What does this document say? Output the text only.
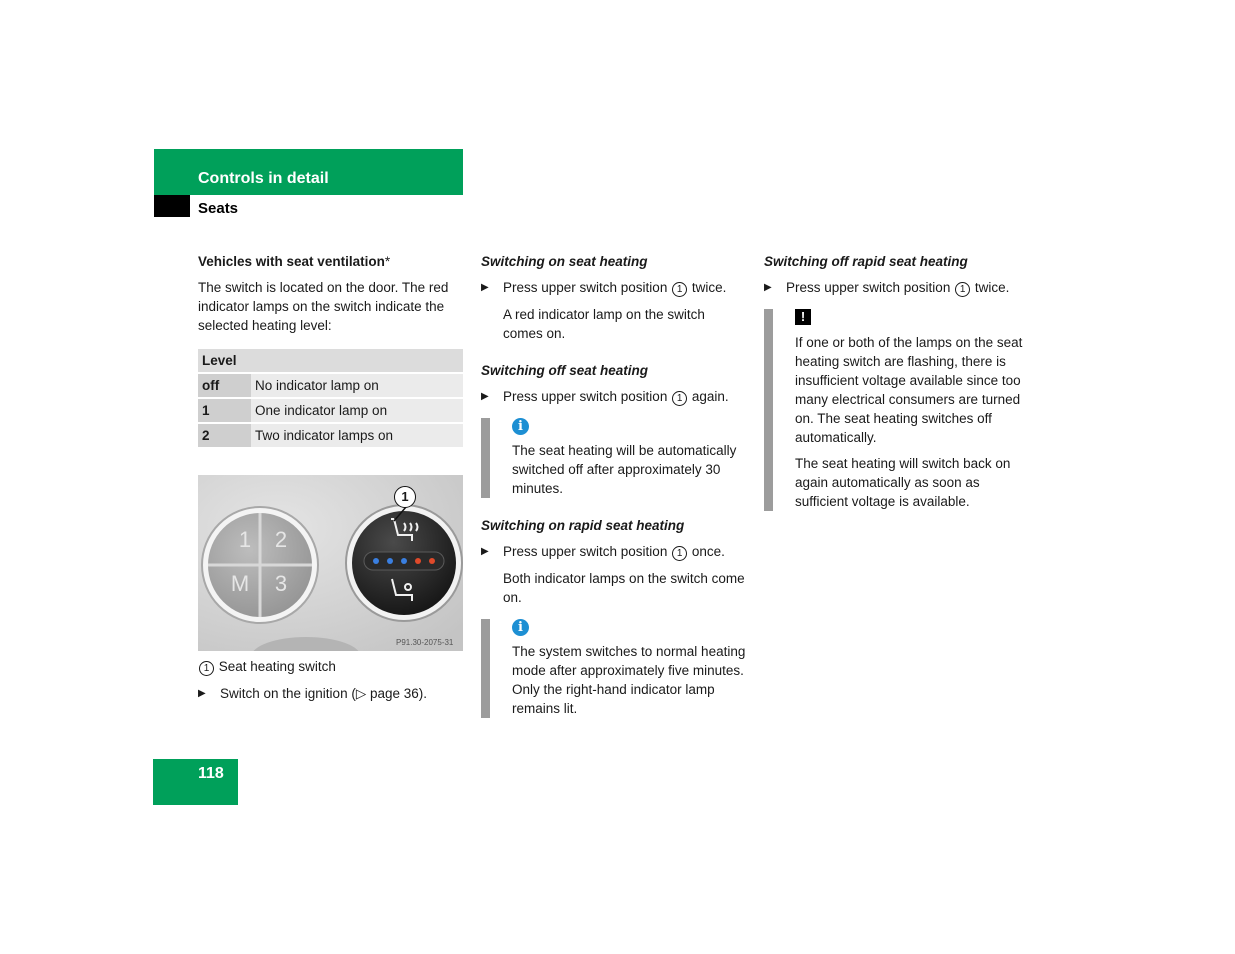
Controls in detail
Seats

Vehicles with seat ventilation*

The switch is located on the door. The red indicator lamps on the switch indicate the selected heating level:

Level	
off	No indicator lamp on
1	One indicator lamp on
2	Two indicator lamps on
1
1	2
M	3
P91.30-2075-31

1 Seat heating switch

▶ Switch on the ignition (▷ page 36).

Switching on seat heating

▶ Press upper switch position 1 twice.

A red indicator lamp on the switch comes on.

Switching off seat heating

▶ Press upper switch position 1 again.

i

The seat heating will be automatically switched off after approximately 30 minutes.

Switching on rapid seat heating

▶ Press upper switch position 1 once.

Both indicator lamps on the switch come on.

i

The system switches to normal heating mode after approximately five minutes. Only the right-hand indicator lamp remains lit.

Switching off rapid seat heating

▶ Press upper switch position 1 twice.

!

If one or both of the lamps on the seat heating switch are flashing, there is insufficient voltage available since too many electrical consumers are turned on. The seat heating switches off automatically.

The seat heating will switch back on again automatically as soon as sufficient voltage is available.

118
